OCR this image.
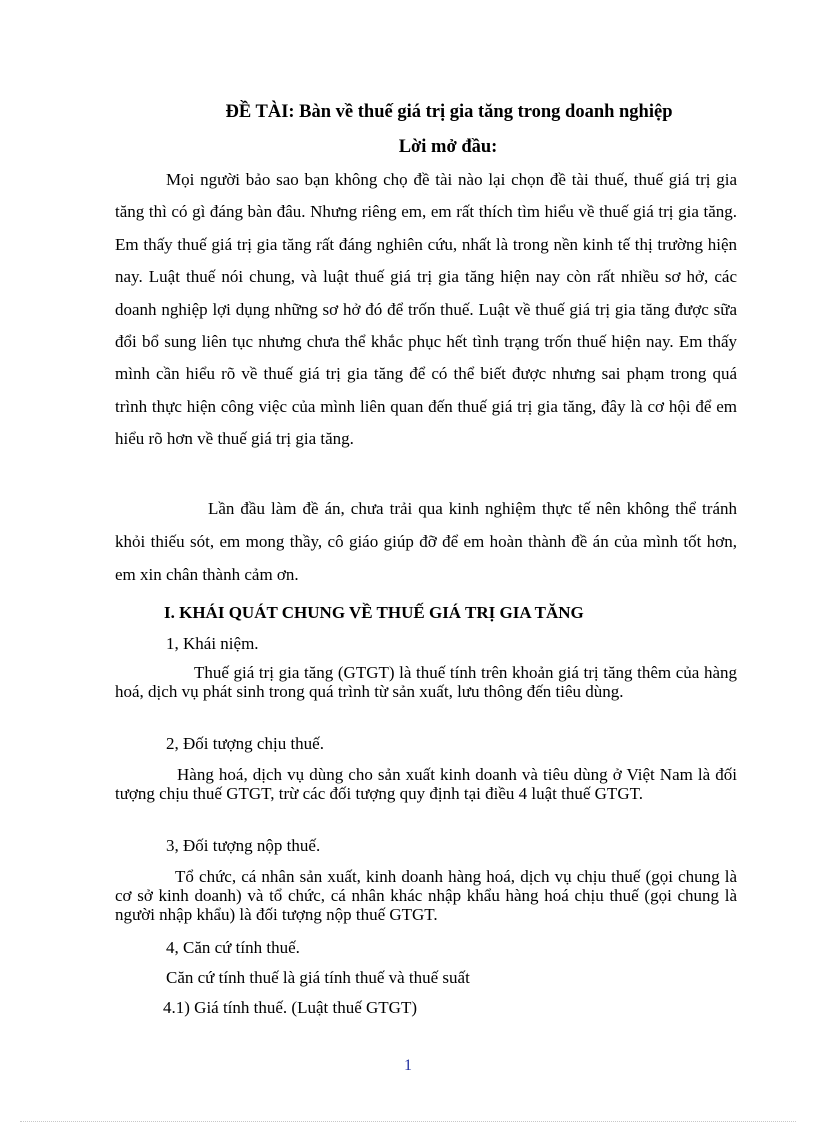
ĐỀ TÀI: Bàn về thuế giá trị gia tăng trong doanh nghiệp
Lời mở đầu:

Mọi người bảo sao bạn không chọ đề tài nào lại chọn đề tài thuế, thuế giá trị gia tăng thì có gì đáng bàn đâu. Nhưng riêng em, em rất thích tìm hiểu về thuế giá trị gia tăng. Em thấy thuế giá trị gia tăng rất đáng nghiên cứu, nhất là trong nền kinh tế thị trường hiện nay. Luật thuế nói chung, và luật thuế giá trị gia tăng hiện nay còn rất nhiều sơ hở, các doanh nghiệp lợi dụng những sơ hở đó để trốn thuế. Luật về thuế giá trị gia tăng được sữa đổi bổ sung liên tục nhưng chưa thể khắc phục hết tình trạng trốn thuế hiện nay. Em thấy mình cần hiểu rõ về thuế giá trị gia tăng để có thể biết được nhưng sai phạm trong quá trình thực hiện công việc của mình liên quan đến thuế giá trị gia tăng, đây là cơ hội để em hiểu rõ hơn về thuế giá trị gia tăng.

Lần đầu làm đề án, chưa trải qua kinh nghiệm thực tế nên không thể tránh khỏi thiếu sót, em mong thầy, cô giáo giúp đỡ để em hoàn thành đề án của mình tốt hơn, em xin chân thành cảm ơn.

I. KHÁI QUÁT CHUNG VỀ THUẾ GIÁ TRỊ GIA TĂNG
1, Khái niệm.

Thuế giá trị gia tăng (GTGT) là thuế tính trên khoản giá trị tăng thêm của hàng hoá, dịch vụ phát sinh trong quá trình từ sản xuất, lưu thông đến tiêu dùng.

2, Đối tượng chịu thuế.

Hàng hoá, dịch vụ dùng cho sản xuất kinh doanh và tiêu dùng ở Việt Nam là đối tượng chịu thuế GTGT, trừ các đối tượng quy định tại điều 4 luật thuế GTGT.

3, Đối tượng nộp thuế.

Tổ chức, cá nhân sản xuất, kinh doanh hàng hoá, dịch vụ chịu thuế (gọi chung là cơ sở kinh doanh) và tổ chức, cá nhân khác nhập khẩu hàng hoá chịu thuế (gọi chung là người nhập khẩu) là đối tượng nộp thuế GTGT.

4, Căn cứ tính thuế.
Căn cứ tính thuế là giá tính thuế và thuế suất
4.1) Giá tính thuế. (Luật thuế GTGT)
1
